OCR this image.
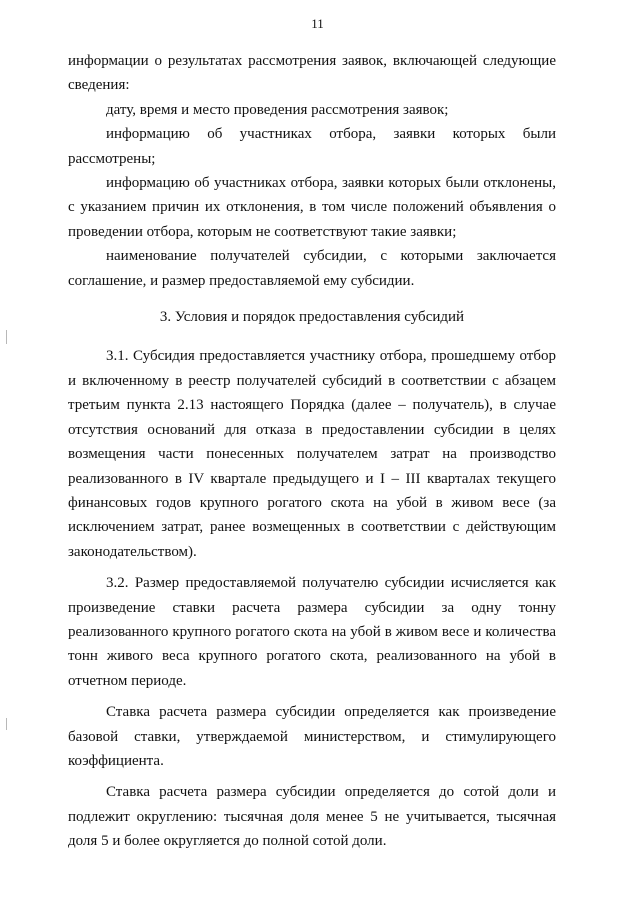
11

информации о результатах рассмотрения заявок, включающей следующие сведения:

дату, время и место проведения рассмотрения заявок;

информацию об участниках отбора, заявки которых были рассмотрены;

информацию об участниках отбора, заявки которых были отклонены, с указанием причин их отклонения, в том числе положений объявления о проведении отбора, которым не соответствуют такие заявки;

наименование получателей субсидии, с которыми заключается соглашение, и размер предоставляемой ему субсидии.

3. Условия и порядок предоставления субсидий

3.1. Субсидия предоставляется участнику отбора, прошедшему отбор и включенному в реестр получателей субсидий в соответствии с абзацем третьим пункта 2.13 настоящего Порядка (далее – получатель), в случае отсутствия оснований для отказа в предоставлении субсидии в целях возмещения части понесенных получателем затрат на производство реализованного в IV квартале предыдущего и I – III кварталах текущего финансовых годов крупного рогатого скота на убой в живом весе (за исключением затрат, ранее возмещенных в соответствии с действующим законодательством).

3.2. Размер предоставляемой получателю субсидии исчисляется как произведение ставки расчета размера субсидии за одну тонну реализованного крупного рогатого скота на убой в живом весе и количества тонн живого веса крупного рогатого скота, реализованного на убой в отчетном периоде.

Ставка расчета размера субсидии определяется как произведение базовой ставки, утверждаемой министерством, и стимулирующего коэффициента.

Ставка расчета размера субсидии определяется до сотой доли и подлежит округлению: тысячная доля менее 5 не учитывается, тысячная доля 5 и более округляется до полной сотой доли.
